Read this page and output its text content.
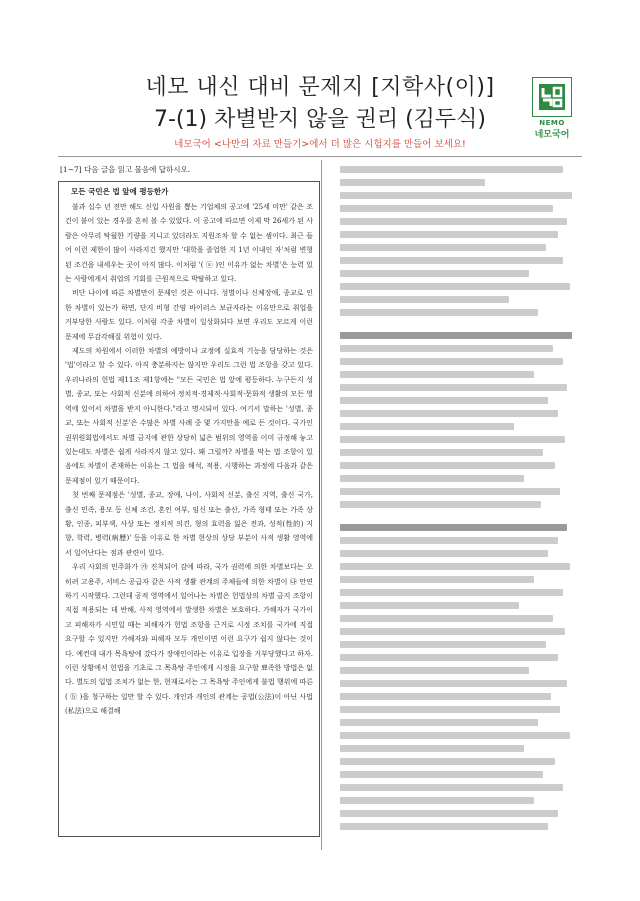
네모 내신 대비 문제지 [지학사(이)]
7-(1) 차별받지 않을 권리 (김두식)
네모국어 <나만의 자료 만들기>에서 더 많은 시험지를 만들어 보세요!
NEMO
네모국어
[1~7] 다음 글을 읽고 물음에 답하시오.
모든 국민은 법 앞에 평등한가

불과 십수 년 전만 해도 신입 사원을 뽑는 기업체의 공고에 '25세 미만' 같은 조건이 붙어 있는 경우를 흔히 볼 수 있었다. 이 공고에 따르면 이제 막 26세가 된 사람은 아무리 탁월한 기량을 지니고 있더라도 지원조차 할 수 없는 셈이다. 최근 들어 이런 제한이 많이 사라지긴 했지만 '대학을 졸업한 지 1년 이내인 자'처럼 변형된 조건을 내세우는 곳이 아직 많다. 이처럼 '( ⓐ )인 이유가 없는 차별'은 능력 있는 사람에게서 취업의 기회를 근원적으로 박탈하고 있다.

비단 나이에 따른 차별만이 문제인 것은 아니다. 성별이나 신체장애, 종교로 인한 차별이 있는가 하면, 단지 비형 간염 바이러스 보균자라는 이유만으로 취업을 거부당한 사람도 있다. 이처럼 각종 차별이 일상화되다 보면 우리도 모르게 이런 문제에 무감각해질 위험이 있다.

제도의 차원에서 이러한 차별의 예방이나 교정에 실효적 기능을 담당하는 것은 '법'이라고 할 수 있다. 아직 충분하지는 않지만 우리도 그런 법 조항을 갖고 있다. 우리나라의 헌법 제11조 제1항에는 "모든 국민은 법 앞에 평등하다. 누구든지 성별, 종교, 또는 사회적 신분에 의하여 정치적·경제적·사회적·문화적 생활의 모든 영역에 있어서 차별을 받지 아니한다."라고 명시되어 있다. 여기서 말하는 '성별, 종교, 또는 사회적 신분'은 수많은 차별 사례 중 몇 가지만을 예로 든 것이다. 국가인권위원회법에서도 차별 금지에 관한 상당히 넓은 범위의 영역을 이미 규정해 놓고 있는데도 차별은 쉽게 사라지지 않고 있다. 왜 그럴까? 차별을 막는 법 조항이 있음에도 차별이 존재하는 이유는 그 법을 해석, 적용, 시행하는 과정에 다음과 같은 문제점이 있기 때문이다.

첫 번째 문제점은 '성별, 종교, 장애, 나이, 사회적 신분, 출신 지역, 출신 국가, 출신 민족, 용모 등 신체 조건, 혼인 여부, 임신 또는 출산, 가족 형태 또는 가족 상황, 인종, 피부색, 사상 또는 정치적 의견, 형의 효력을 잃은 전과, 성적(性的) 지향, 학력, 병력(病歷)' 등을 이유로 한 차별 현상의 상당 부분이 사적 생활 영역에서 일어난다는 점과 관련이 있다.

우리 사회의 민주화가 ㉮ 진척되어 감에 따라, 국가 권력에 의한 차별보다는 오히려 고용주, 서비스 공급자 같은 사적 생활 관계의 주체들에 의한 차별이 ㉯ 만연하기 시작했다. 그런데 공적 영역에서 일어나는 차별은 헌법상의 차별 금지 조항이 직접 적용되는 데 반해, 사적 영역에서 발생한 차별은 보호하다. 가해자가 국가이고 피해자가 시민일 때는 피해자가 헌법 조항을 근거로 시정 조치를 국가에 직접 요구할 수 있지만 가해자와 피해자 모두 개인이면 이런 요구가 쉽지 않다는 것이다. 예컨대 내가 목욕탕에 갔다가 장애인이라는 이유로 입장을 거부당했다고 하자. 이런 상황에서 헌법을 기초로 그 목욕탕 주인에게 시정을 요구할 뾰족한 방법은 없다. 별도의 입법 조치가 없는 한, 현재로서는 그 목욕탕 주인에게 불법 행위에 따른 ( ⓑ )을 청구하는 일만 할 수 있다. 개인과 개인의 관계는 공법(公法)이 아닌 사법(私法)으로 해결해
